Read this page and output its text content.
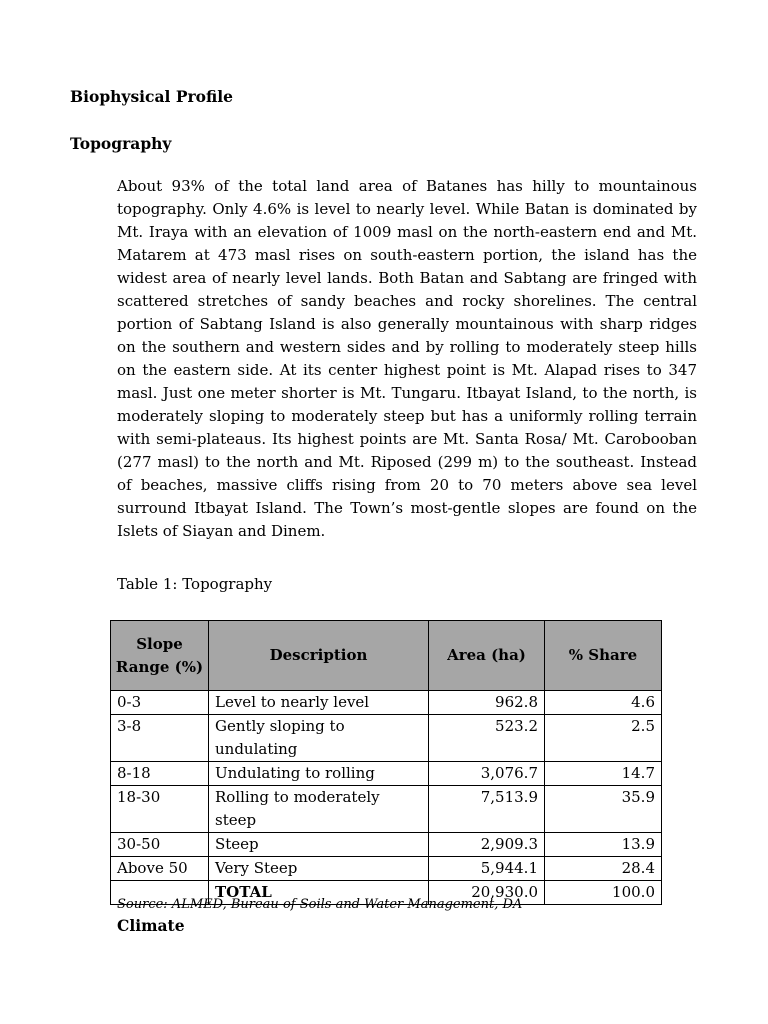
Biophysical Profile
Topography

About 93% of the total land area of Batanes has hilly to mountainous topography. Only 4.6% is level to nearly level. While Batan is dominated by Mt. Iraya with an elevation of 1009 masl on the north-eastern end and Mt. Matarem at 473 masl rises on south-eastern portion, the island has the widest area of nearly level lands. Both Batan and Sabtang are fringed with scattered stretches of sandy beaches and rocky shorelines. The central portion of Sabtang Island is also generally mountainous with sharp ridges on the southern and western sides and by rolling to moderately steep hills on the eastern side. At its center highest point is Mt. Alapad rises to 347 masl. Just one meter shorter is Mt. Tungaru. Itbayat Island, to the north, is moderately sloping to moderately steep but has a uniformly rolling terrain with semi-plateaus. Its highest points are Mt. Santa Rosa/ Mt. Carobooban (277 masl) to the north and Mt. Riposed (299 m) to the southeast. Instead of beaches, massive cliffs rising from 20 to 70 meters above sea level surround Itbayat Island. The Town’s most-gentle slopes are found on the Islets of Siayan and Dinem.

Table 1: Topography
Slope Range (%)	Description	Area (ha)	% Share
0-3	Level to nearly level	962.8	4.6
3-8	Gently sloping to undulating	523.2	2.5
8-18	Undulating to rolling	3,076.7	14.7
18-30	Rolling to moderately steep	7,513.9	35.9
30-50	Steep	2,909.3	13.9
Above 50	Very Steep	5,944.1	28.4
	TOTAL	20,930.0	100.0
Source: ALMED, Bureau of Soils and Water Management, DA
Climate
